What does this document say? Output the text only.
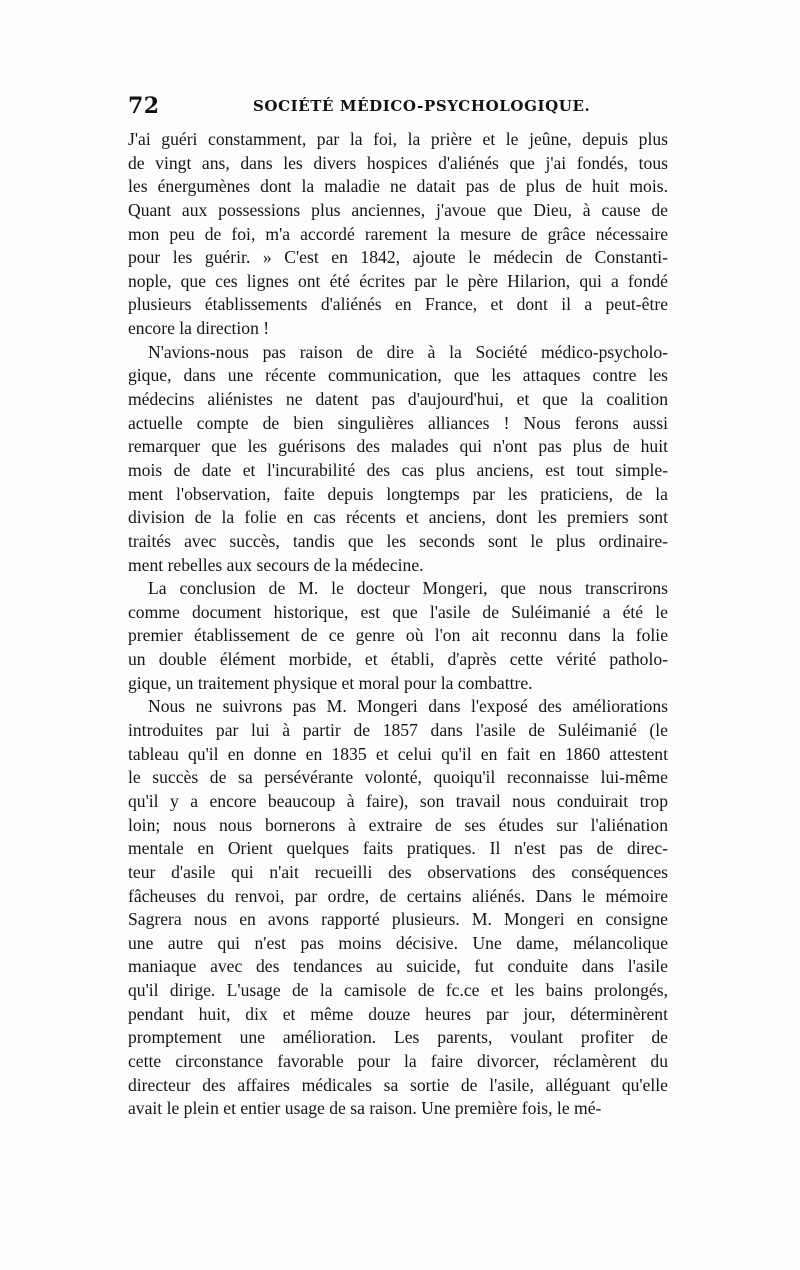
72	SOCIÉTÉ MÉDICO-PSYCHOLOGIQUE.
J'ai guéri constamment, par la foi, la prière et le jeûne, depuis plus
de vingt ans, dans les divers hospices d'aliénés que j'ai fondés, tous
les énergumènes dont la maladie ne datait pas de plus de huit mois.
Quant aux possessions plus anciennes, j'avoue que Dieu, à cause de
mon peu de foi, m'a accordé rarement la mesure de grâce nécessaire
pour les guérir. » C'est en 1842, ajoute le médecin de Constanti-
nople, que ces lignes ont été écrites par le père Hilarion, qui a fondé
plusieurs établissements d'aliénés en France, et dont il a peut-être
encore la direction !
N'avions-nous pas raison de dire à la Société médico-psycholo-
gique, dans une récente communication, que les attaques contre les
médecins aliénistes ne datent pas d'aujourd'hui, et que la coalition
actuelle compte de bien singulières alliances ! Nous ferons aussi
remarquer que les guérisons des malades qui n'ont pas plus de huit
mois de date et l'incurabilité des cas plus anciens, est tout simple-
ment l'observation, faite depuis longtemps par les praticiens, de la
division de la folie en cas récents et anciens, dont les premiers sont
traités avec succès, tandis que les seconds sont le plus ordinaire-
ment rebelles aux secours de la médecine.
La conclusion de M. le docteur Mongeri, que nous transcrirons
comme document historique, est que l'asile de Suléimanié a été le
premier établissement de ce genre où l'on ait reconnu dans la folie
un double élément morbide, et établi, d'après cette vérité patholo-
gique, un traitement physique et moral pour la combattre.
Nous ne suivrons pas M. Mongeri dans l'exposé des améliorations
introduites par lui à partir de 1857 dans l'asile de Suléimanié (le
tableau qu'il en donne en 1835 et celui qu'il en fait en 1860 attestent
le succès de sa persévérante volonté, quoiqu'il reconnaisse lui-même
qu'il y a encore beaucoup à faire), son travail nous conduirait trop
loin; nous nous bornerons à extraire de ses études sur l'aliénation
mentale en Orient quelques faits pratiques. Il n'est pas de direc-
teur d'asile qui n'ait recueilli des observations des conséquences
fâcheuses du renvoi, par ordre, de certains aliénés. Dans le mémoire
Sagrera nous en avons rapporté plusieurs. M. Mongeri en consigne
une autre qui n'est pas moins décisive. Une dame, mélancolique
maniaque avec des tendances au suicide, fut conduite dans l'asile
qu'il dirige. L'usage de la camisole de fc.ce et les bains prolongés,
pendant huit, dix et même douze heures par jour, déterminèrent
promptement une amélioration. Les parents, voulant profiter de
cette circonstance favorable pour la faire divorcer, réclamèrent du
directeur des affaires médicales sa sortie de l'asile, alléguant qu'elle
avait le plein et entier usage de sa raison. Une première fois, le mé-
